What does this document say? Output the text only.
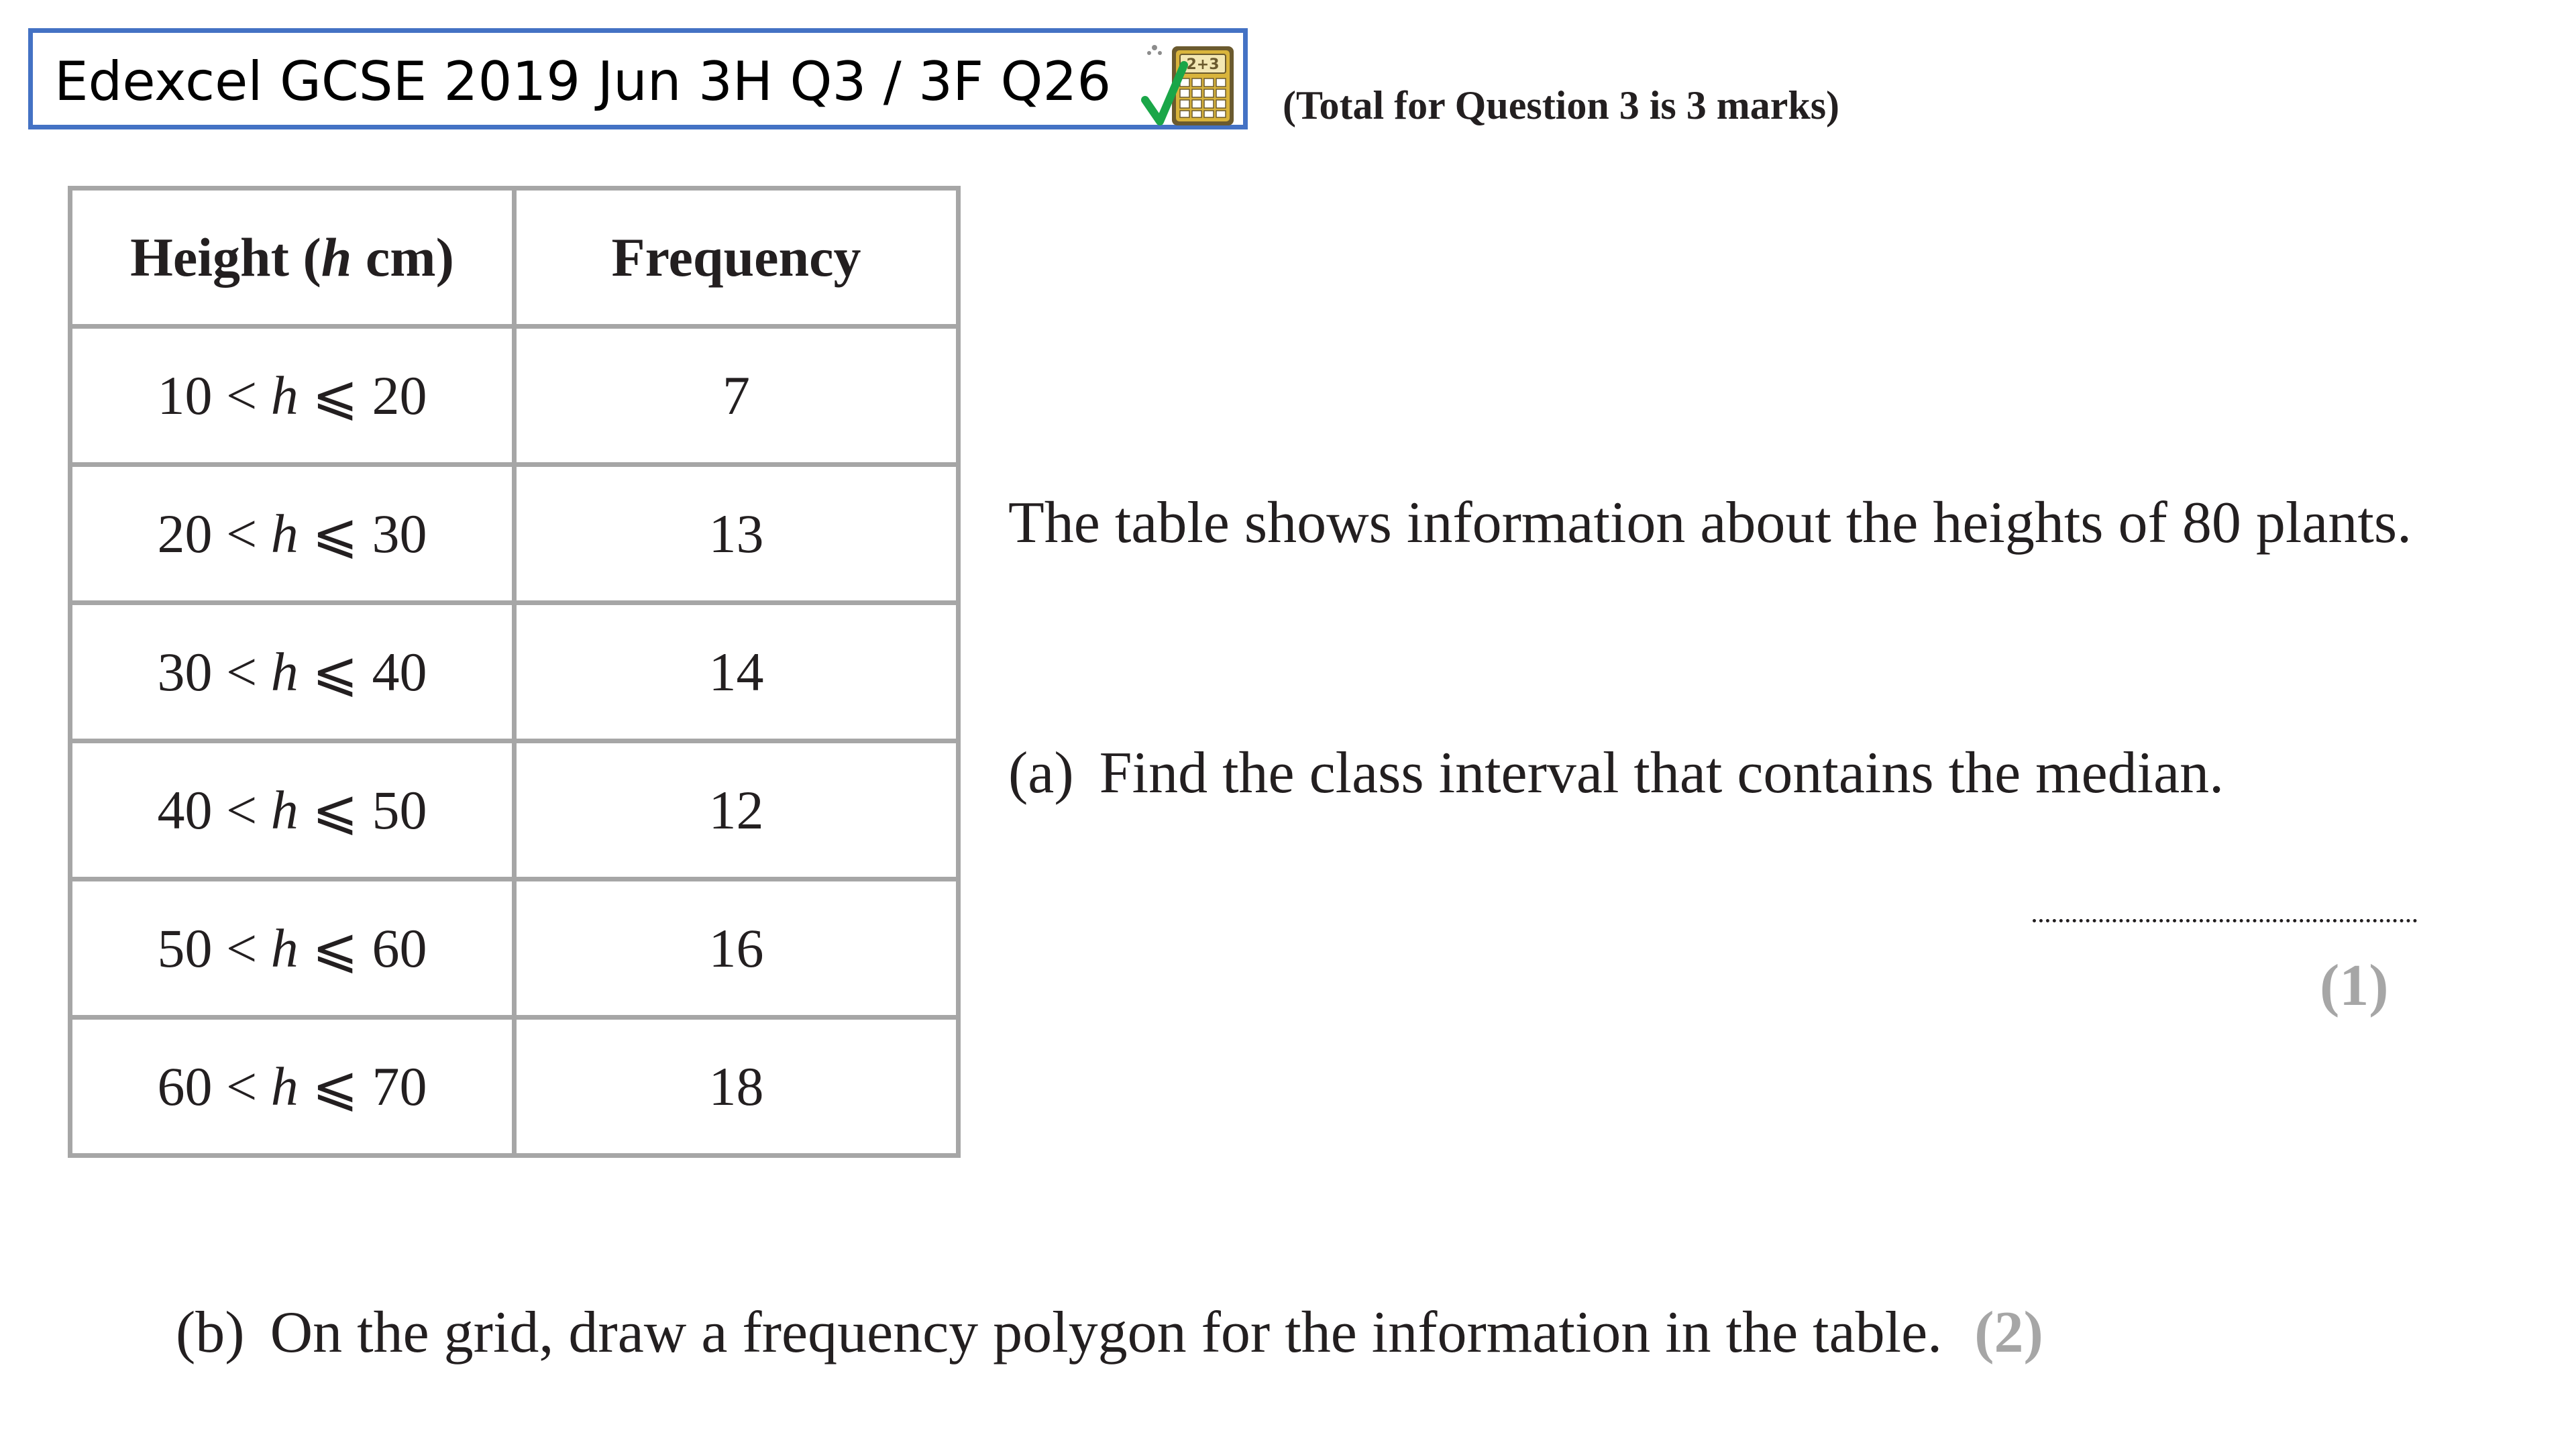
Edexcel GCSE 2019 Jun 3H Q3 / 3F Q26	2+3
(Total for Question 3 is 3 marks)
Height (h cm)	Frequency
10 < h ⩽ 20	7
20 < h ⩽ 30	13
30 < h ⩽ 40	14
40 < h ⩽ 50	12
50 < h ⩽ 60	16
60 < h ⩽ 70	18
The table shows information about the heights of 80 plants.
(a) Find the class interval that contains the median.
(1)
(b) On the grid, draw a frequency polygon for the information in the table. (2)
